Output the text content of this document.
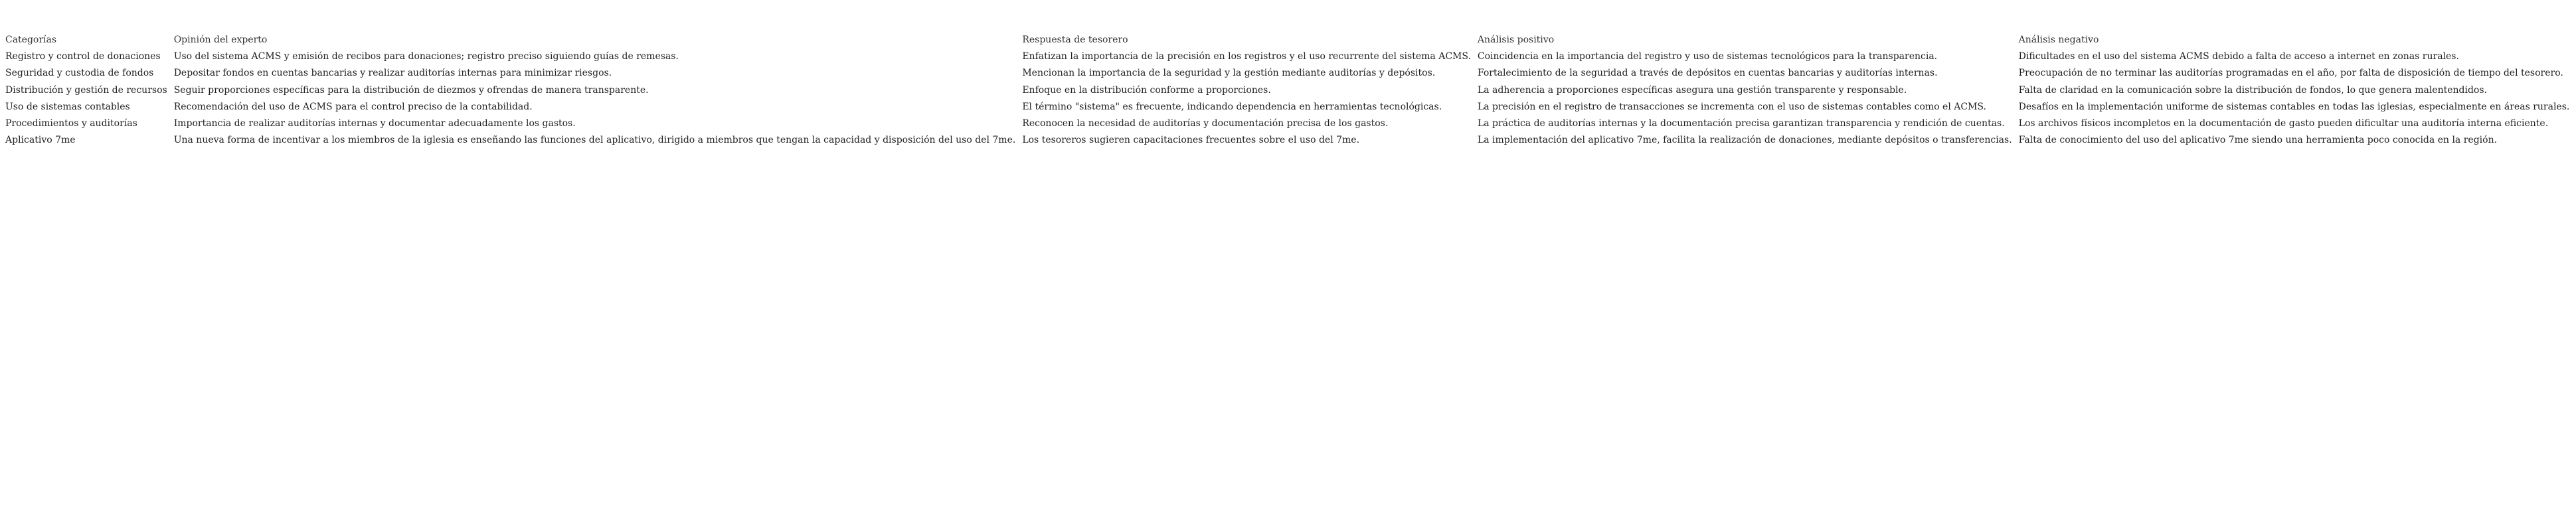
Categorías	Opinión del experto	Respuesta de tesorero	Análisis positivo	Análisis negativo
Registro y control de donaciones	Uso del sistema ACMS y emisión de recibos para donaciones; registro preciso siguiendo guías de remesas.	Enfatizan la importancia de la precisión en los registros y el uso recurrente del sistema ACMS.	Coincidencia en la importancia del registro y uso de sistemas tecnológicos para la transparencia.	Dificultades en el uso del sistema ACMS debido a falta de acceso a internet en zonas rurales.
Seguridad y custodia de fondos	Depositar fondos en cuentas bancarias y realizar auditorías internas para minimizar riesgos.	Mencionan la importancia de la seguridad y la gestión mediante auditorías y depósitos.	Fortalecimiento de la seguridad a través de depósitos en cuentas bancarias y auditorías internas.	Preocupación de no terminar las auditorías programadas en el año, por falta de disposición de tiempo del tesorero.
Distribución y gestión de recursos	Seguir proporciones específicas para la distribución de diezmos y ofrendas de manera transparente.	Enfoque en la distribución conforme a proporciones.	La adherencia a proporciones específicas asegura una gestión transparente y responsable.	Falta de claridad en la comunicación sobre la distribución de fondos, lo que genera malentendidos.
Uso de sistemas contables	Recomendación del uso de ACMS para el control preciso de la contabilidad.	El término "sistema" es frecuente, indicando dependencia en herramientas tecnológicas.	La precisión en el registro de transacciones se incrementa con el uso de sistemas contables como el ACMS.	Desafíos en la implementación uniforme de sistemas contables en todas las iglesias, especialmente en áreas rurales.
Procedimientos y auditorías	Importancia de realizar auditorías internas y documentar adecuadamente los gastos.	Reconocen la necesidad de auditorías y documentación precisa de los gastos.	La práctica de auditorías internas y la documentación precisa garantizan transparencia y rendición de cuentas.	Los archivos físicos incompletos en la documentación de gasto pueden dificultar una auditoría interna eficiente.
Aplicativo 7me	Una nueva forma de incentivar a los miembros de la iglesia es enseñando las funciones del aplicativo, dirigido a miembros que tengan la capacidad y disposición del uso del 7me.	Los tesoreros sugieren capacitaciones frecuentes sobre el uso del 7me.	La implementación del aplicativo 7me, facilita la realización de donaciones, mediante depósitos o transferencias.	Falta de conocimiento del uso del aplicativo 7me siendo una herramienta poco conocida en la región.
